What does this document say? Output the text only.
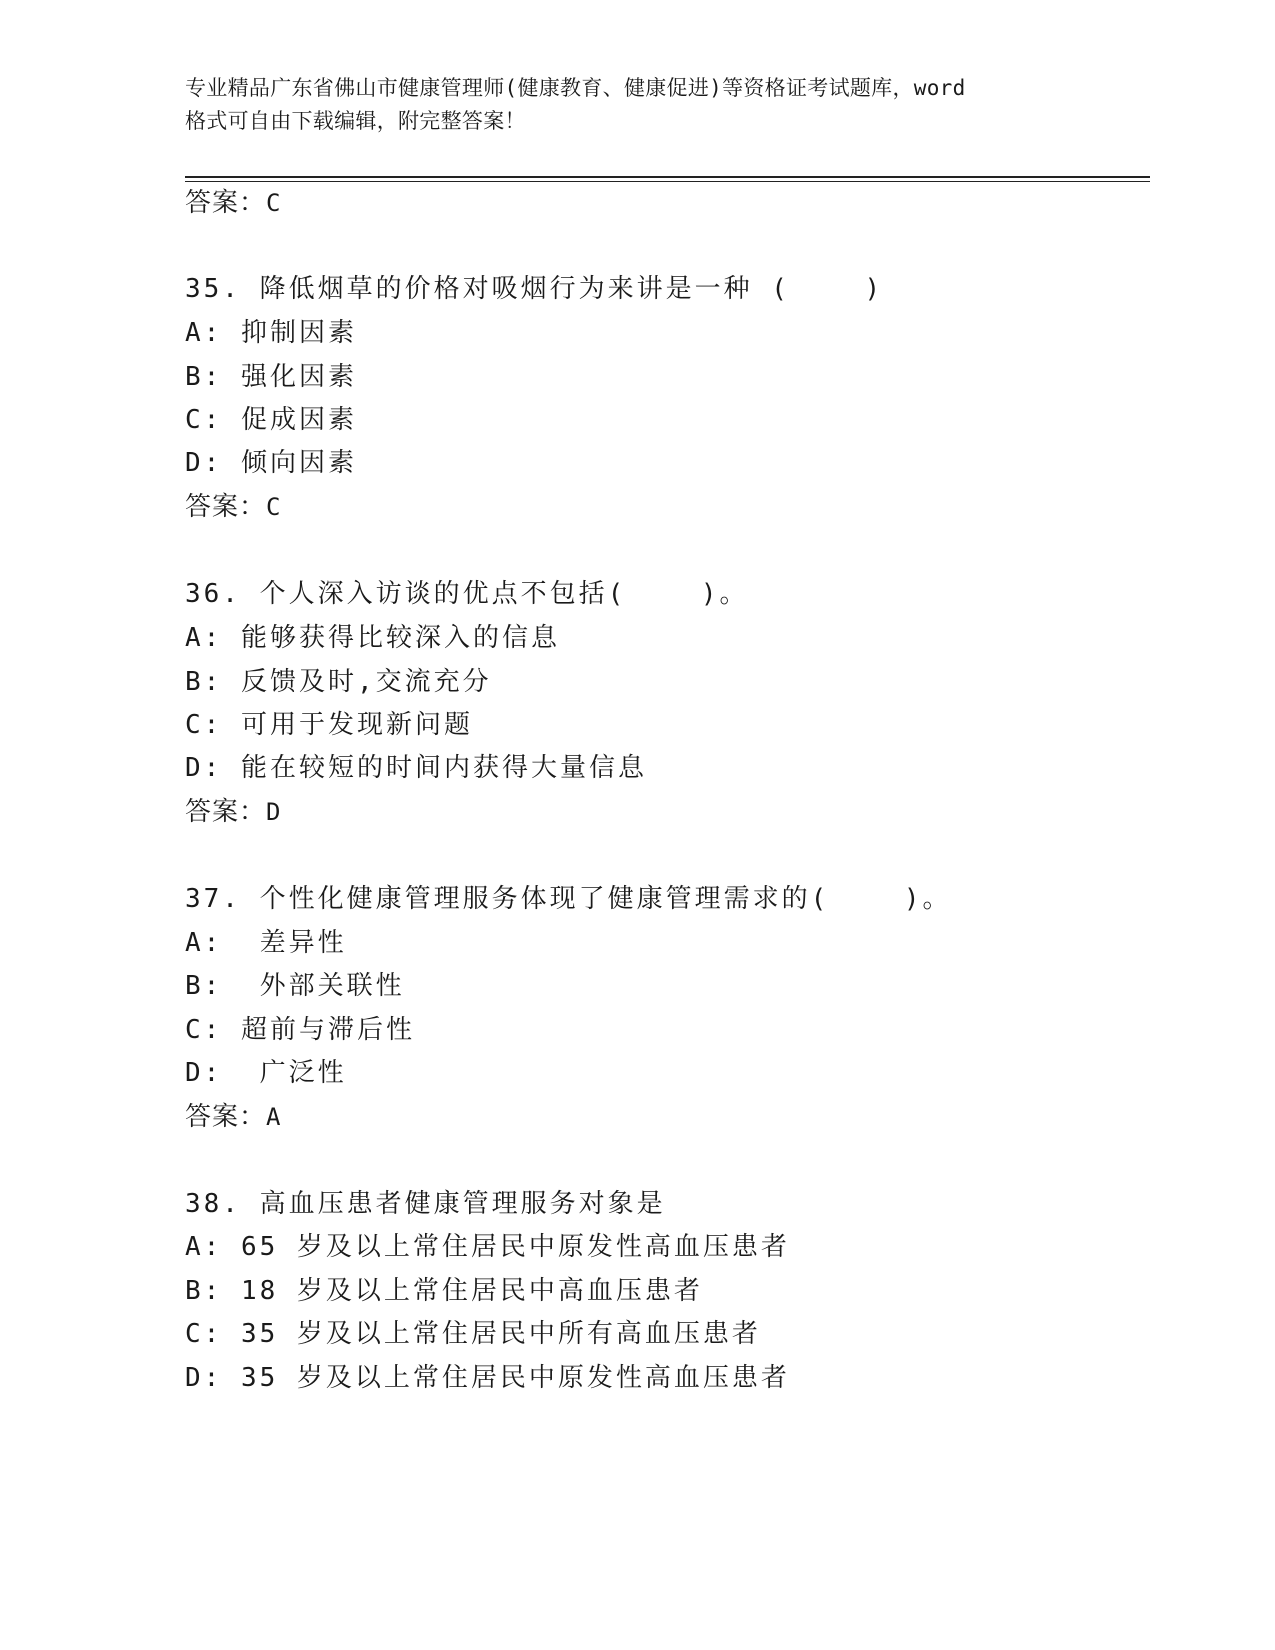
专业精品广东省佛山市健康管理师(健康教育、健康促进)等资格证考试题库，word
格式可自由下载编辑，附完整答案！
答案：C
35. 降低烟草的价格对吸烟行为来讲是一种 (    )
A: 抑制因素
B: 强化因素
C: 促成因素
D: 倾向因素
答案：C
36. 个人深入访谈的优点不包括(    )。
A: 能够获得比较深入的信息
B: 反馈及时,交流充分
C: 可用于发现新问题
D: 能在较短的时间内获得大量信息
答案：D
37. 个性化健康管理服务体现了健康管理需求的(    )。
A:  差异性
B:  外部关联性
C: 超前与滞后性
D:  广泛性
答案：A
38. 高血压患者健康管理服务对象是
A: 65 岁及以上常住居民中原发性高血压患者
B: 18 岁及以上常住居民中高血压患者
C: 35 岁及以上常住居民中所有高血压患者
D: 35 岁及以上常住居民中原发性高血压患者
